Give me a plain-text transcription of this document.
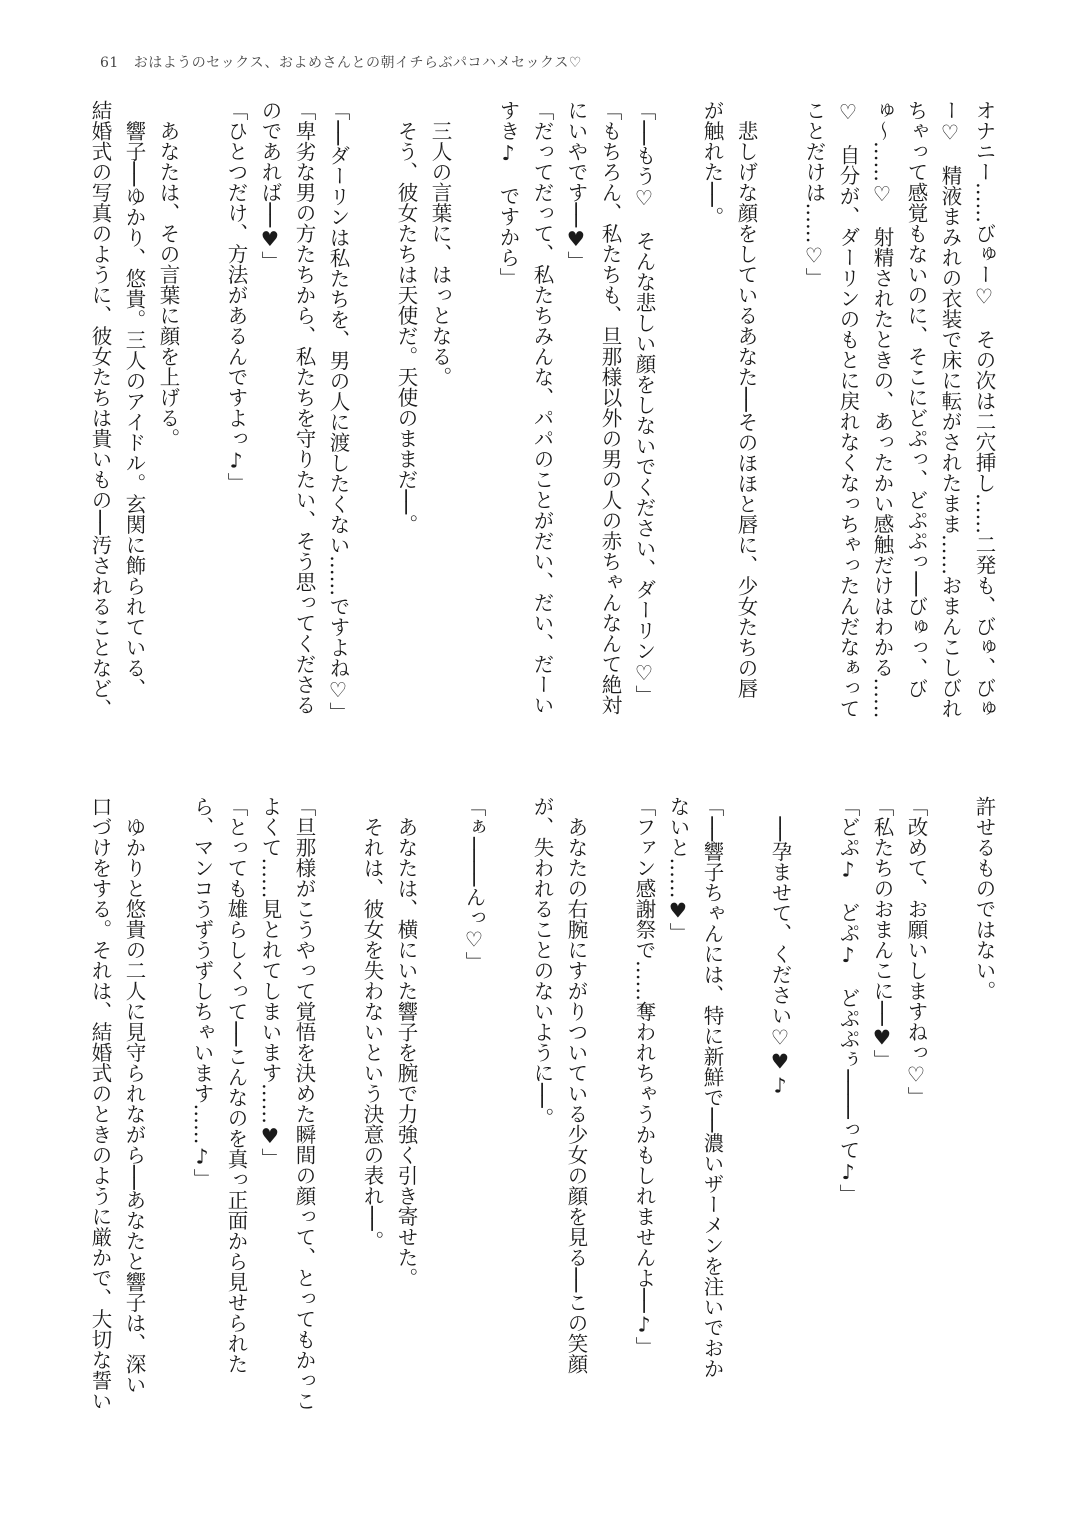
61 おはようのセックス、およめさんとの朝イチらぶパコハメセックス♡
オナニー……びゅー♡　その次は二穴挿し……二発も、びゅ、びゅ
ー♡　精液まみれの衣装で床に転がされたまま……おまんこしびれ
ちゃって感覚もないのに、そこにどぷっ、どぷぷっ──びゅっ、び
ゅ〜……♡　射精されたときの、あったかい感触だけはわかる……
♡　自分が、ダーリンのもとに戻れなくなっちゃったんだなぁって
ことだけは……♡」
　悲しげな顔をしているあなた──そのほほと唇に、少女たちの唇
が触れた──。
「──もう♡　そんな悲しい顔をしないでください、ダーリン♡」
「もちろん、私たちも、旦那様以外の男の人の赤ちゃんなんて絶対
にいやです──♥」
「だってだって、私たちみんな、パパのことがだい、だい、だーい
すき♪　ですから」
　三人の言葉に、はっとなる。
　そう、彼女たちは天使だ。天使のままだ──。
「──ダーリンは私たちを、男の人に渡したくない……ですよね♡」
「卑劣な男の方たちから、私たちを守りたい、そう思ってくださる
のであれば──♥」
「ひとつだけ、方法があるんですよっ♪」
　あなたは、その言葉に顔を上げる。
　響子──ゆかり、悠貴。三人のアイドル。玄関に飾られている、
結婚式の写真のように、彼女たちは貴いもの──汚されることなど、
許せるものではない。
「改めて、お願いしますねっ♡」
「私たちのおまんこに──♥」
「どぷ♪　どぷ♪　どぷぷぅ────って♪」
　──孕ませて、ください♡♥♪
「──響子ちゃんには、特に新鮮で──濃いザーメンを注いでおか
ないと……♥」
「ファン感謝祭で……奪われちゃうかもしれませんよ──♪」
　あなたの右腕にすがりついている少女の顔を見る──この笑顔
が、失われることのないように──。
「ぁ────んっ♡」
　あなたは、横にいた響子を腕で力強く引き寄せた。
　それは、彼女を失わないという決意の表れ──。
「旦那様がこうやって覚悟を決めた瞬間の顔って、とってもかっこ
よくて……見とれてしまいます……♥」
「とっても雄らしくって──こんなのを真っ正面から見せられた
ら、マンコうずうずしちゃいます……♪」
　ゆかりと悠貴の二人に見守られながら──あなたと響子は、深い
口づけをする。それは、結婚式のときのように厳かで、大切な誓い
